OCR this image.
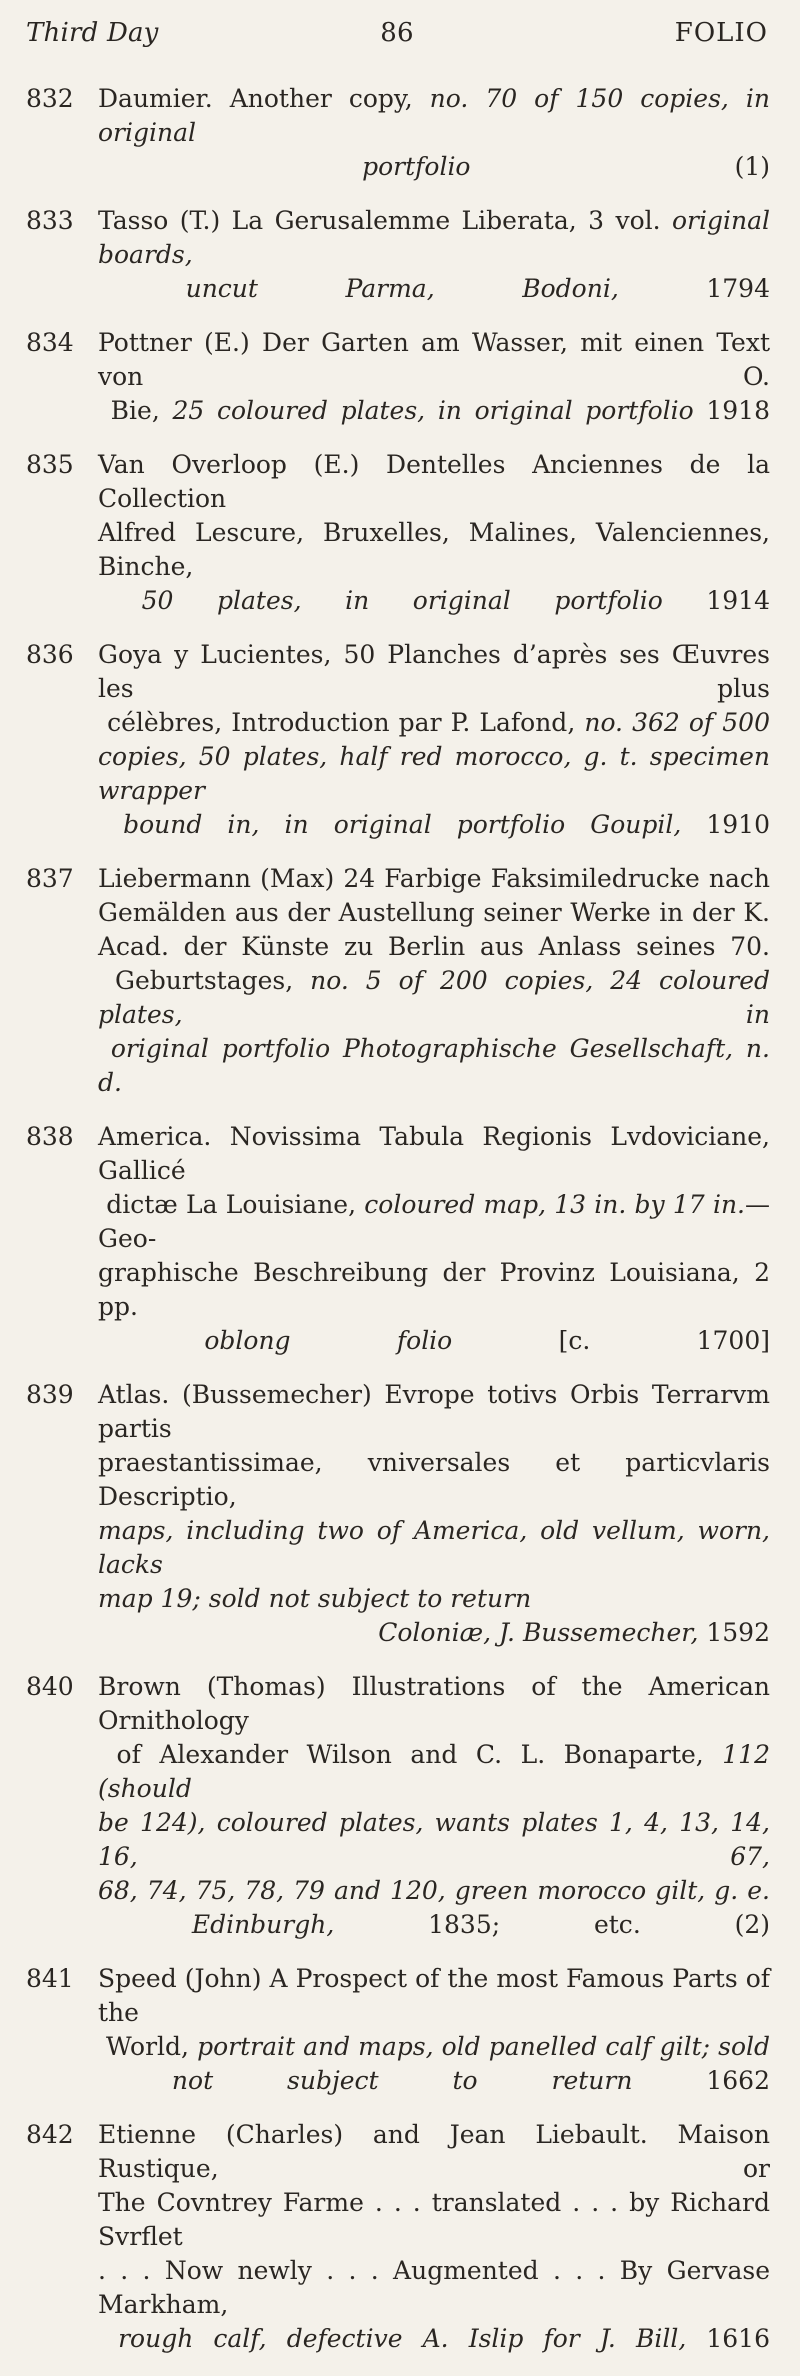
Third Day	86	FOLIO
832 Daumier. Another copy, no. 70 of 150 copies, in original
portfolio (1)
833 Tasso (T.) La Gerusalemme Liberata, 3 vol. original boards,
uncut Parma, Bodoni, 1794
834 Pottner (E.) Der Garten am Wasser, mit einen Text von O.
Bie, 25 coloured plates, in original portfolio 1918
835 Van Overloop (E.) Dentelles Anciennes de la Collection
Alfred Lescure, Bruxelles, Malines, Valenciennes, Binche,
50 plates, in original portfolio 1914
836 Goya y Lucientes, 50 Planches d’après ses Œuvres les plus
célèbres, Introduction par P. Lafond, no. 362 of 500
copies, 50 plates, half red morocco, g. t. specimen wrapper
bound in, in original portfolio Goupil, 1910
837 Liebermann (Max) 24 Farbige Faksimiledrucke nach
Gemälden aus der Austellung seiner Werke in der K.
Acad. der Künste zu Berlin aus Anlass seines 70.
Geburtstages, no. 5 of 200 copies, 24 coloured plates, in
original portfolio Photographische Gesellschaft, n. d.
838 America. Novissima Tabula Regionis Lvdoviciane, Gallicé
dictæ La Louisiane, coloured map, 13 in. by 17 in.—Geo-
graphische Beschreibung der Provinz Louisiana, 2 pp.
oblong folio	[c. 1700]
839 Atlas. (Bussemecher) Evrope totivs Orbis Terrarvm partis
praestantissimae, vniversales et particvlaris Descriptio,
maps, including two of America, old vellum, worn, lacks
map 19; sold not subject to return
Coloniæ, J. Bussemecher, 1592
840 Brown (Thomas) Illustrations of the American Ornithology
of Alexander Wilson and C. L. Bonaparte, 112 (should
be 124), coloured plates, wants plates 1, 4, 13, 14, 16, 67,
68, 74, 75, 78, 79 and 120, green morocco gilt, g. e.
Edinburgh, 1835; etc. (2)
841 Speed (John) A Prospect of the most Famous Parts of the
World, portrait and maps, old panelled calf gilt; sold
not subject to return	1662
842 Etienne (Charles) and Jean Liebault. Maison Rustique, or
The Covntrey Farme . . . translated . . . by Richard Svrflet
. . . Now newly . . . Augmented . . . By Gervase Markham,
rough calf, defective A. Islip for J. Bill, 1616
